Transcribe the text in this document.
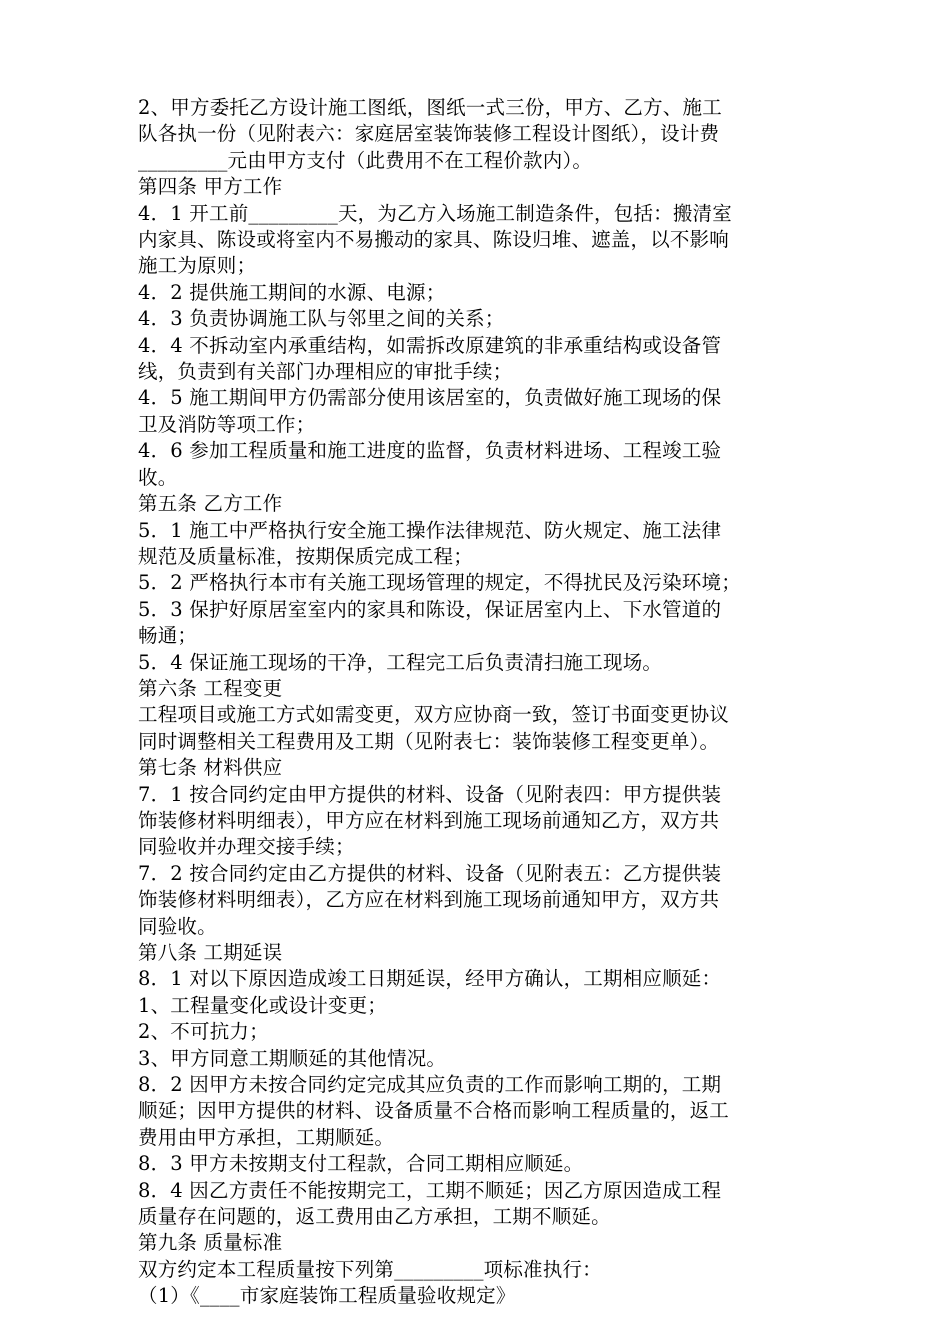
2、甲方委托乙方设计施工图纸，图纸一式三份，甲方、乙方、施工
队各执一份（见附表六：家庭居室装饰装修工程设计图纸），设计费
_________元由甲方支付（此费用不在工程价款内）。
第四条 甲方工作
4．1 开工前_________天，为乙方入场施工制造条件，包括：搬清室
内家具、陈设或将室内不易搬动的家具、陈设归堆、遮盖，以不影响
施工为原则；
4．2 提供施工期间的水源、电源；
4．3 负责协调施工队与邻里之间的关系；
4．4 不拆动室内承重结构，如需拆改原建筑的非承重结构或设备管
线，负责到有关部门办理相应的审批手续；
4．5 施工期间甲方仍需部分使用该居室的，负责做好施工现场的保
卫及消防等项工作；
4．6 参加工程质量和施工进度的监督，负责材料进场、工程竣工验
收。
第五条 乙方工作
5．1 施工中严格执行安全施工操作法律规范、防火规定、施工法律
规范及质量标准，按期保质完成工程；
5．2 严格执行本市有关施工现场管理的规定，不得扰民及污染环境；
5．3 保护好原居室室内的家具和陈设，保证居室内上、下水管道的
畅通；
5．4 保证施工现场的干净，工程完工后负责清扫施工现场。
第六条 工程变更
工程项目或施工方式如需变更，双方应协商一致，签订书面变更协议
同时调整相关工程费用及工期（见附表七：装饰装修工程变更单）。
第七条 材料供应
7．1 按合同约定由甲方提供的材料、设备（见附表四：甲方提供装
饰装修材料明细表），甲方应在材料到施工现场前通知乙方，双方共
同验收并办理交接手续；
7．2 按合同约定由乙方提供的材料、设备（见附表五：乙方提供装
饰装修材料明细表），乙方应在材料到施工现场前通知甲方，双方共
同验收。
第八条 工期延误
8．1 对以下原因造成竣工日期延误，经甲方确认，工期相应顺延：
1、工程量变化或设计变更；
2、不可抗力；
3、甲方同意工期顺延的其他情况。
8．2 因甲方未按合同约定完成其应负责的工作而影响工期的，工期
顺延；因甲方提供的材料、设备质量不合格而影响工程质量的，返工
费用由甲方承担，工期顺延。
8．3 甲方未按期支付工程款，合同工期相应顺延。
8．4 因乙方责任不能按期完工，工期不顺延；因乙方原因造成工程
质量存在问题的，返工费用由乙方承担，工期不顺延。
第九条 质量标准
双方约定本工程质量按下列第_________项标准执行：
（1）《____市家庭装饰工程质量验收规定》
